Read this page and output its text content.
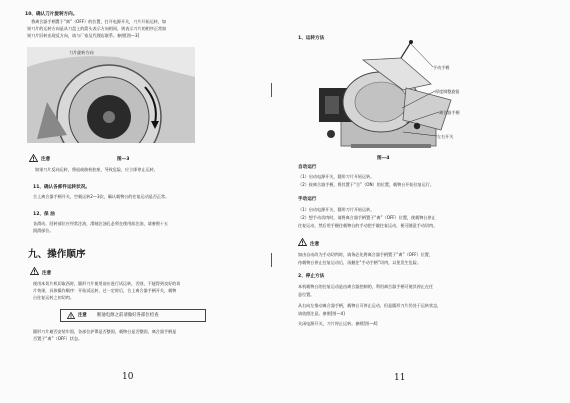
10、确认刀片旋转方向。
将离合器手柄置于“离”（OFF）的位置，打开电源开关，刀片开始运转，如
果刀片的运转方向是从刀盘上的箭头表示方向相同，则表示刀片的相序正常如
果刀片旧转出现反方向，请与厂家及代理店联系。参照[图—3]
刀片旋转方向
注意	图—3
如果刀片反向运转，将退或曲机柱座，导致危险，应立即停止运转。
11、确认各部件运转状况。
合上离合器手柄开关，空载运转2—3次，确认载物台的往复运动是否正常。
12、保 油
各滑动、回转部位应经常注油，滑轴注油孔必须在使用前注油，请参照十五
润滑部位。
九、操作顺序
注意
使用本切片机切取西时，圆形刀片使用前应进行试运转，否则，不能得到良好的切
片效果，具体操作顺序：开始试运转，过一定时后，合上离合器手柄开关，载物
台往复运转之初切肉。
注意 断通电源之前请做好各部位检查
圆形刀片避否安装牢固，各部位护罩是否整固，载物台是否整固，离合器手柄是
否置于“离”（OFF）状态。
10
1、运转方法
手动手柄
厚度调整旋钮
离合器手柄
左右开关
图—4
自动运行
（1）启动电源开关，圆形刀片开始运转。
（2）按离合器手柄，将其置于“合”（ON）的位置，载物台开始往复运行。
手动运行
（1）启动电源开关，圆形刀片开始运转。
（2）想手动切肉时，请将离合器手柄置于“离”（OFF）位置，使载物台停止
往复运动，然后用手握住载物台的手动把手做往复运动，便可随意手动切肉。
注意
如由自动改为手动切肉时，请务必先将离合器手柄置于“离”（OFF）位置，
待载物台停止往复运动后，再握住“手动手柄”切肉，以免发生危险。
2、停止方法
本机载物台的往复运动是由离合器控制的，利用离合器手柄可使其停止在任
意位置。
从右向左推动离合器手柄，载物台可停止运动，但是圆形刀片仍处于运转状态，
请依照注意。参照[图—4]
关闭电源开关，刀片停止运转。参照[图—4]
11
